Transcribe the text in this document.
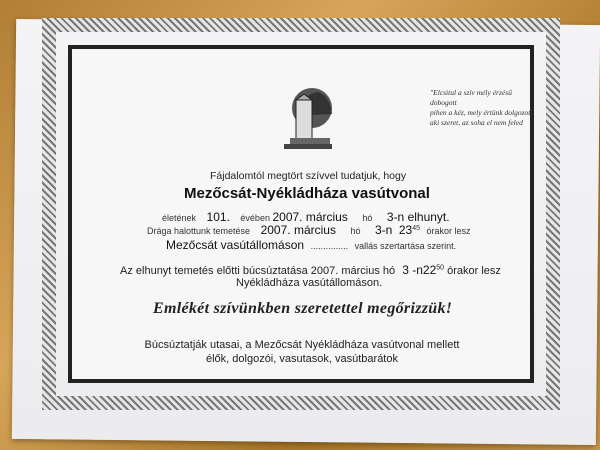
"Elcsitul a szív mély érzésű dobogott
pihen a kéz, mely értünk dolgozott,
aki szeret, az soha el nem feled
Fájdalomtól megtört szívvel tudatjuk, hogy
Mezőcsát-Nyékládháza vasútvonal
életének 101. évében 2007. március hó 3-n elhunyt.
Drága halottunk temetése 2007. március hó 3-n $23^{45}$ órakor lesz
Mezőcsát vasútállomáson ............... vallás szertartása szerint.
Az elhunyt temetés előtti búcsúztatása 2007. március hó 3 $-n22^{50}$ órakor lesz
Nyékládháza vasútállomáson.
Emlékét szívünkben szeretettel megőrizzük!
Búcsúztatják utasai, a Mezőcsát Nyékládháza vasútvonal mellett élők, dolgozói, vasutasok, vasútbarátok
